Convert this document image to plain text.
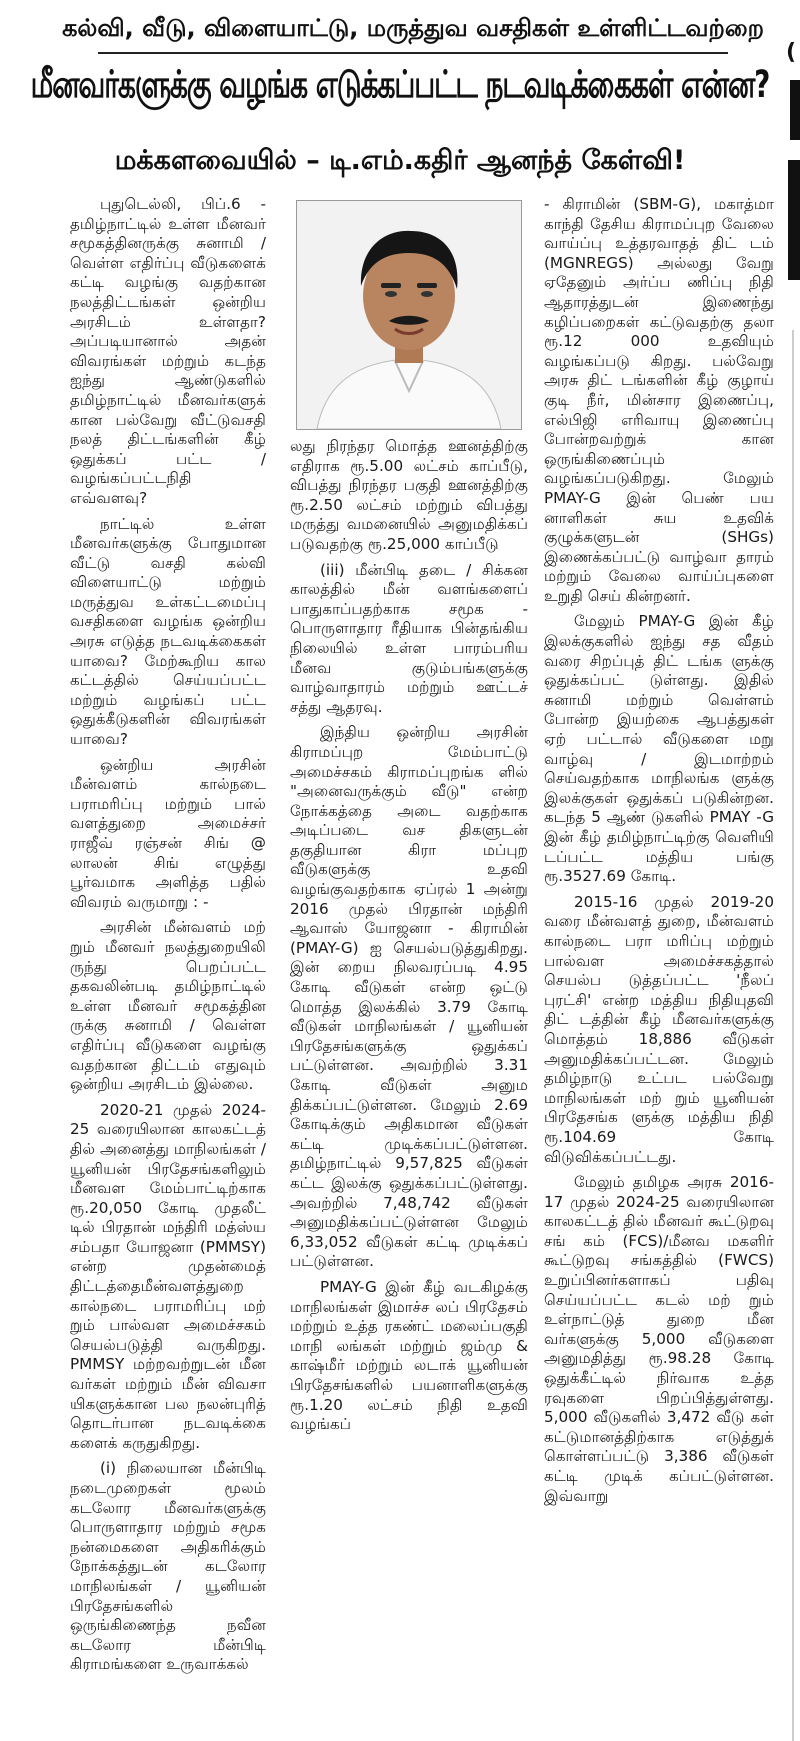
கல்வி, வீடு, விளையாட்டு, மருத்துவ வசதிகள் உள்ளிட்டவற்றை
மீனவர்களுக்கு வழங்க எடுக்கப்பட்ட நடவடிக்கைகள் என்ன?
மக்களவையில் – டி.எம்.கதிர் ஆனந்த் கேள்வி!

புதுடெல்லி, பிப்.6 - தமிழ்நாட்டில் உள்ள மீனவர் சமூகத்தினருக்கு சுனாமி / வெள்ள எதிர்ப்பு வீடுகளைக் கட்டி வழங்கு வதற்கான நலத்திட்டங்கள் ஒன்றிய அரசிடம் உள்ளதா? அப்படியானால் அதன் விவரங்கள் மற்றும் கடந்த ஐந்து ஆண்டுகளில் தமிழ்நாட்டில் மீனவர்களுக் கான பல்வேறு வீட்டுவசதி நலத் திட்டங்களின் கீழ் ஒதுக்கப் பட்ட / வழங்கப்பட்டநிதி எவ்வளவு?

நாட்டில் உள்ள மீனவர்களுக்கு போதுமான வீட்டு வசதி கல்வி விளையாட்டு மற்றும் மருத்துவ உள்கட்டமைப்பு வசதிகளை வழங்க ஒன்றிய அரசு எடுத்த நடவடிக்கைகள் யாவை? மேற்கூறிய கால கட்டத்தில் செய்யப்பட்ட மற்றும் வழங்கப் பட்ட ஒதுக்கீடுகளின் விவரங்கள் யாவை?

ஒன்றிய அரசின் மீன்வளம் கால்நடை பராமரிப்பு மற்றும் பால் வளத்துறை அமைச்சர் ராஜீவ் ரஞ்சன் சிங் @ லாலன் சிங் எழுத்து பூர்வமாக அளித்த பதில் விவரம் வருமாறு : -

அரசின் மீன்வளம் மற் றும் மீனவர் நலத்துறையிலி ருந்து பெறப்பட்ட தகவலின்படி தமிழ்நாட்டில் உள்ள மீனவர் சமூகத்தின ருக்கு சுனாமி / வெள்ள எதிர்ப்பு வீடுகளை வழங்கு வதற்கான திட்டம் எதுவும் ஒன்றிய அரசிடம் இல்லை.

2020-21 முதல் 2024-25 வரையிலான காலகட்டத் தில் அனைத்து மாநிலங்கள் / யூனியன் பிரதேசங்களிலும் மீனவள மேம்பாட்டிற்காக ரூ.20,050 கோடி முதலீட் டில் பிரதான் மந்திரி மத்ஸ்ய சம்பதா யோஜனா (PMMSY) என்ற முதன்மைத் திட்டத்தைமீன்வளத்துறை கால்நடை பராமரிப்பு மற் றும் பால்வள அமைச்சகம் செயல்படுத்தி வருகிறது. PMMSY மற்றவற்றுடன் மீன வர்கள் மற்றும் மீன் விவசா யிகளுக்கான பல நலன்புரித் தொடர்பான நடவடிக்கை களைக் கருதுகிறது.

(i) நிலையான மீன்பிடி நடைமுறைகள் மூலம் கடலோர மீனவர்களுக்கு பொருளாதார மற்றும் சமூக நன்மைகளை அதிகரிக்கும் நோக்கத்துடன் கடலோர மாநிலங்கள் / யூனியன் பிரதேசங்களில் ஒருங்கிணைந்த நவீன கடலோர மீன்பிடி கிராமங்களை உருவாக்கல்

லது நிரந்தர மொத்த ஊனத்திற்கு எதிராக ரூ.5.00 லட்சம் காப்பீடு, விபத்து நிரந்தர பகுதி ஊனத்திற்கு ரூ.2.50 லட்சம் மற்றும் விபத்து மருத்து வமனையில் அனுமதிக்கப் படுவதற்கு ரூ.25,000 காப்பீடு

(iii) மீன்பிடி தடை / சிக்கன காலத்தில் மீன் வளங்களைப் பாதுகாப்பதற்காக சமூக - பொருளாதார ரீதியாக பின்தங்கிய நிலையில் உள்ள பாரம்பரிய மீனவ குடும்பங்களுக்கு வாழ்வாதாரம் மற்றும் ஊட்டச் சத்து ஆதரவு.

இந்திய ஒன்றிய அரசின் கிராமப்புற மேம்பாட்டு அமைச்சகம் கிராமப்புறங்க ளில் "அனைவருக்கும் வீடு" என்ற நோக்கத்தை அடை வதற்காக அடிப்படை வச திகளுடன் தகுதியான கிரா மப்புற வீடுகளுக்கு உதவி வழங்குவதற்காக ஏப்ரல் 1 அன்று 2016 முதல் பிரதான் மந்திரி ஆவாஸ் யோஜனா - கிராமின் (PMAY-G) ஐ செயல்படுத்துகிறது. இன் றைய நிலவரப்படி 4.95 கோடி வீடுகள் என்ற ஒட்டு மொத்த இலக்கில் 3.79 கோடி வீடுகள் மாநிலங்கள் / யூனியன் பிரதேசங்களுக்கு ஒதுக்கப் பட்டுள்ளன. அவற்றில் 3.31 கோடி வீடுகள் அனும திக்கப்பட்டுள்ளன. மேலும் 2.69 கோடிக்கும் அதிகமான வீடுகள் கட்டி முடிக்கப்பட்டுள்ளன. தமிழ்நாட்டில் 9,57,825 வீடுகள் கட்ட இலக்கு ஒதுக்கப்பட்டுள்ளது. அவற்றில் 7,48,742 வீடுகள் அனுமதிக்கப்பட்டுள்ளன மேலும் 6,33,052 வீடுகள் கட்டி முடிக்கப் பட்டுள்ளன.

PMAY-G இன் கீழ் வடகிழக்கு மாநிலங்கள் இமாச்ச லப் பிரதேசம் மற்றும் உத்த ரகண்ட் மலைப்பகுதி மாநி லங்கள் மற்றும் ஜம்மு & காஷ்மீர் மற்றும் லடாக் யூனியன் பிரதேசங்களில் பயனாளிகளுக்கு ரூ.1.20 லட்சம் நிதி உதவி வழங்கப்

- கிராமின் (SBM-G), மகாத்மா காந்தி தேசிய கிராமப்புற வேலை வாய்ப்பு உத்தரவாதத் திட் டம் (MGNREGS) அல்லது வேறு ஏதேனும் அர்ப்ப ணிப்பு நிதி ஆதாரத்துடன் இணைந்து கழிப்பறைகள் கட்டுவதற்கு தலா ரூ.12 000 உதவியும் வழங்கப்படு கிறது. பல்வேறு அரசு திட் டங்களின் கீழ் குழாய் குடி நீர், மின்சார இணைப்பு, எல்பிஜி எரிவாயு இணைப்பு போன்றவற்றுக் கான ஒருங்கிணைப்பும் வழங்கப்படுகிறது. மேலும் PMAY-G இன் பெண் பய னாளிகள் சுய உதவிக் குழுக்களுடன் (SHGs) இணைக்கப்பட்டு வாழ்வா தாரம் மற்றும் வேலை வாய்ப்புகளை உறுதி செய் கின்றனர்.

மேலும் PMAY-G இன் கீழ் இலக்குகளில் ஐந்து சத வீதம் வரை சிறப்புத் திட் டங்க ளுக்கு ஒதுக்கப்பட் டுள்ளது. இதில் சுனாமி மற்றும் வெள்ளம் போன்ற இயற்கை ஆபத்துகள் ஏற் பட்டால் வீடுகளை மறு வாழ்வு / இடமாற்றம் செய்வதற்காக மாநிலங்க ளுக்கு இலக்குகள் ஒதுக்கப் படுகின்றன. கடந்த 5 ஆண் டுகளில் PMAY -G இன் கீழ் தமிழ்நாட்டிற்கு வெளியி டப்பட்ட மத்திய பங்கு ரூ.3527.69 கோடி.

2015-16 முதல் 2019-20 வரை மீன்வளத் துறை, மீன்வளம் கால்நடை பரா மரிப்பு மற்றும் பால்வள அமைச்சகத்தால் செயல்ப டுத்தப்பட்ட 'நீலப் புரட்சி' என்ற மத்திய நிதியுதவி திட் டத்தின் கீழ் மீனவர்களுக்கு மொத்தம் 18,886 வீடுகள் அனுமதிக்கப்பட்டன. மேலும் தமிழ்நாடு உட்பட பல்வேறு மாநிலங்கள் மற் றும் யூனியன் பிரதேசங்க ளுக்கு மத்திய நிதி ரூ.104.69 கோடி விடுவிக்கப்பட்டது.

மேலும் தமிழக அரசு 2016-17 முதல் 2024-25 வரையிலான காலகட்டத் தில் மீனவர் கூட்டுறவு சங் கம் (FCS)/மீனவ மகளிர் கூட்டுறவு சங்கத்தில் (FWCS) உறுப்பினர்களாகப் பதிவு செய்யப்பட்ட கடல் மற் றும் உள்நாட்டுத் துறை மீன வர்களுக்கு 5,000 வீடுகளை அனுமதித்து ரூ.98.28 கோடி ஒதுக்கீட்டில் நிர்வாக உத்த ரவுகளை பிறப்பித்துள்ளது. 5,000 வீடுகளில் 3,472 வீடு கள் கட்டுமானத்திற்காக எடுத்துக் கொள்ளப்பட்டு 3,386 வீடுகள் கட்டி முடிக் கப்பட்டுள்ளன. இவ்வாறு

(
